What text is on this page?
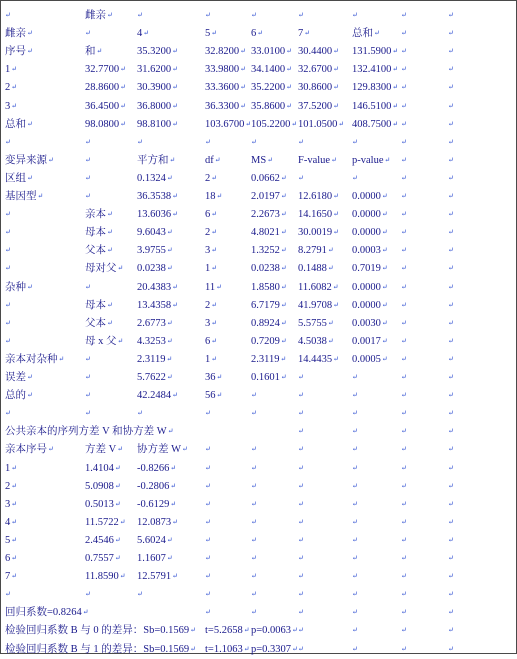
↵	雌亲↵	↵	↵	↵	↵	↵	↵	↵
雌亲↵	↵	4↵	5↵	6↵	7↵	总和↵	↵	↵
序号↵	和↵	35.3200↵	32.8200↵ 33.0100↵ 30.4400↵ 131.5900↵ ↵	↵
1↵	32.7700↵ 31.6200↵	33.9800↵ 34.1400↵ 32.6700↵ 132.4100↵ ↵	↵
2↵	28.8600↵ 30.3900↵	33.3600↵ 35.2200↵ 30.8600↵ 129.8300↵ ↵	↵
3↵	36.4500↵ 36.8000↵	36.3300↵ 35.8600↵ 37.5200↵ 146.5100↵ ↵	↵
总和↵	98.0800↵ 98.8100↵	103.6700↵ 105.2200↵ 101.0500↵ 408.7500↵ ↵	↵
↵	↵	↵	↵	↵	↵	↵	↵	↵
变异来源↵	↵	平方和↵	df↵	MS↵ F-value↵ p-value↵ ↵	↵
区组↵	↵	0.1324↵	2↵	0.0662↵ ↵	↵	↵	↵
基因型↵	↵	36.3538↵	18↵	2.0197↵ 12.6180↵ 0.0000↵ ↵	↵
↵	亲本↵ 13.6036↵	6↵	2.2673↵ 14.1650↵ 0.0000↵ ↵	↵
↵	母本↵ 9.6043↵	2↵	4.8021↵ 30.0019↵ 0.0000↵ ↵	↵
↵	父本↵ 3.9755↵	3↵	1.3252↵ 8.2791↵ 0.0003↵ ↵	↵
↵	母对父↵ 0.0238↵	1↵	0.0238↵ 0.1488↵ 0.7019↵ ↵	↵
杂种↵	↵	20.4383↵	11↵	1.8580↵ 11.6082↵ 0.0000↵ ↵	↵
↵	母本↵ 13.4358↵	2↵	6.7179↵ 41.9708↵ 0.0000↵ ↵	↵
↵	父本↵ 2.6773↵	3↵	0.8924↵ 5.5755↵ 0.0030↵ ↵	↵
↵	母 x 父↵ 4.3253↵	6↵	0.7209↵ 4.5038↵ 0.0017↵ ↵	↵
亲本对杂种↵	↵	2.3119↵	1↵	2.3119↵ 14.4435↵ 0.0005↵ ↵	↵
误差↵	↵	5.7622↵	36↵	0.1601↵ ↵	↵	↵	↵
总的↵	↵	42.2484↵	56↵	↵	↵	↵	↵	↵
↵	↵	↵	↵	↵	↵	↵	↵	↵
公共亲本的序列方差 V 和协方差 W↵	↵	↵	↵	↵
亲本序号↵	方差 V↵ 协方差 W↵ ↵	↵	↵	↵	↵	↵
1↵	1.4104↵ -0.8266↵	↵	↵	↵	↵	↵	↵
2↵	5.0908↵ -0.2806↵	↵	↵	↵	↵	↵	↵
3↵	0.5013↵ -0.6129↵	↵	↵	↵	↵	↵	↵
4↵	11.5722↵ 12.0873↵	↵	↵	↵	↵	↵	↵
5↵	2.4546↵ 5.6024↵	↵	↵	↵	↵	↵	↵
6↵	0.7557↵ 1.1607↵	↵	↵	↵	↵	↵	↵
7↵	11.8590↵ 12.5791↵	↵	↵	↵	↵	↵	↵
↵	↵	↵	↵	↵	↵	↵	↵	↵
回归系数=0.8264↵	↵	↵	↵	↵	↵	↵
检验回归系数 B 与 0 的差异：Sb=0.1569↵ t=5.2658↵ p=0.0063↵ ↵	↵	↵	↵
检验回归系数 B 与 1 的差异：Sb=0.1569↵ t=1.1063↵ p=0.3307↵ ↵	↵	↵	↵
